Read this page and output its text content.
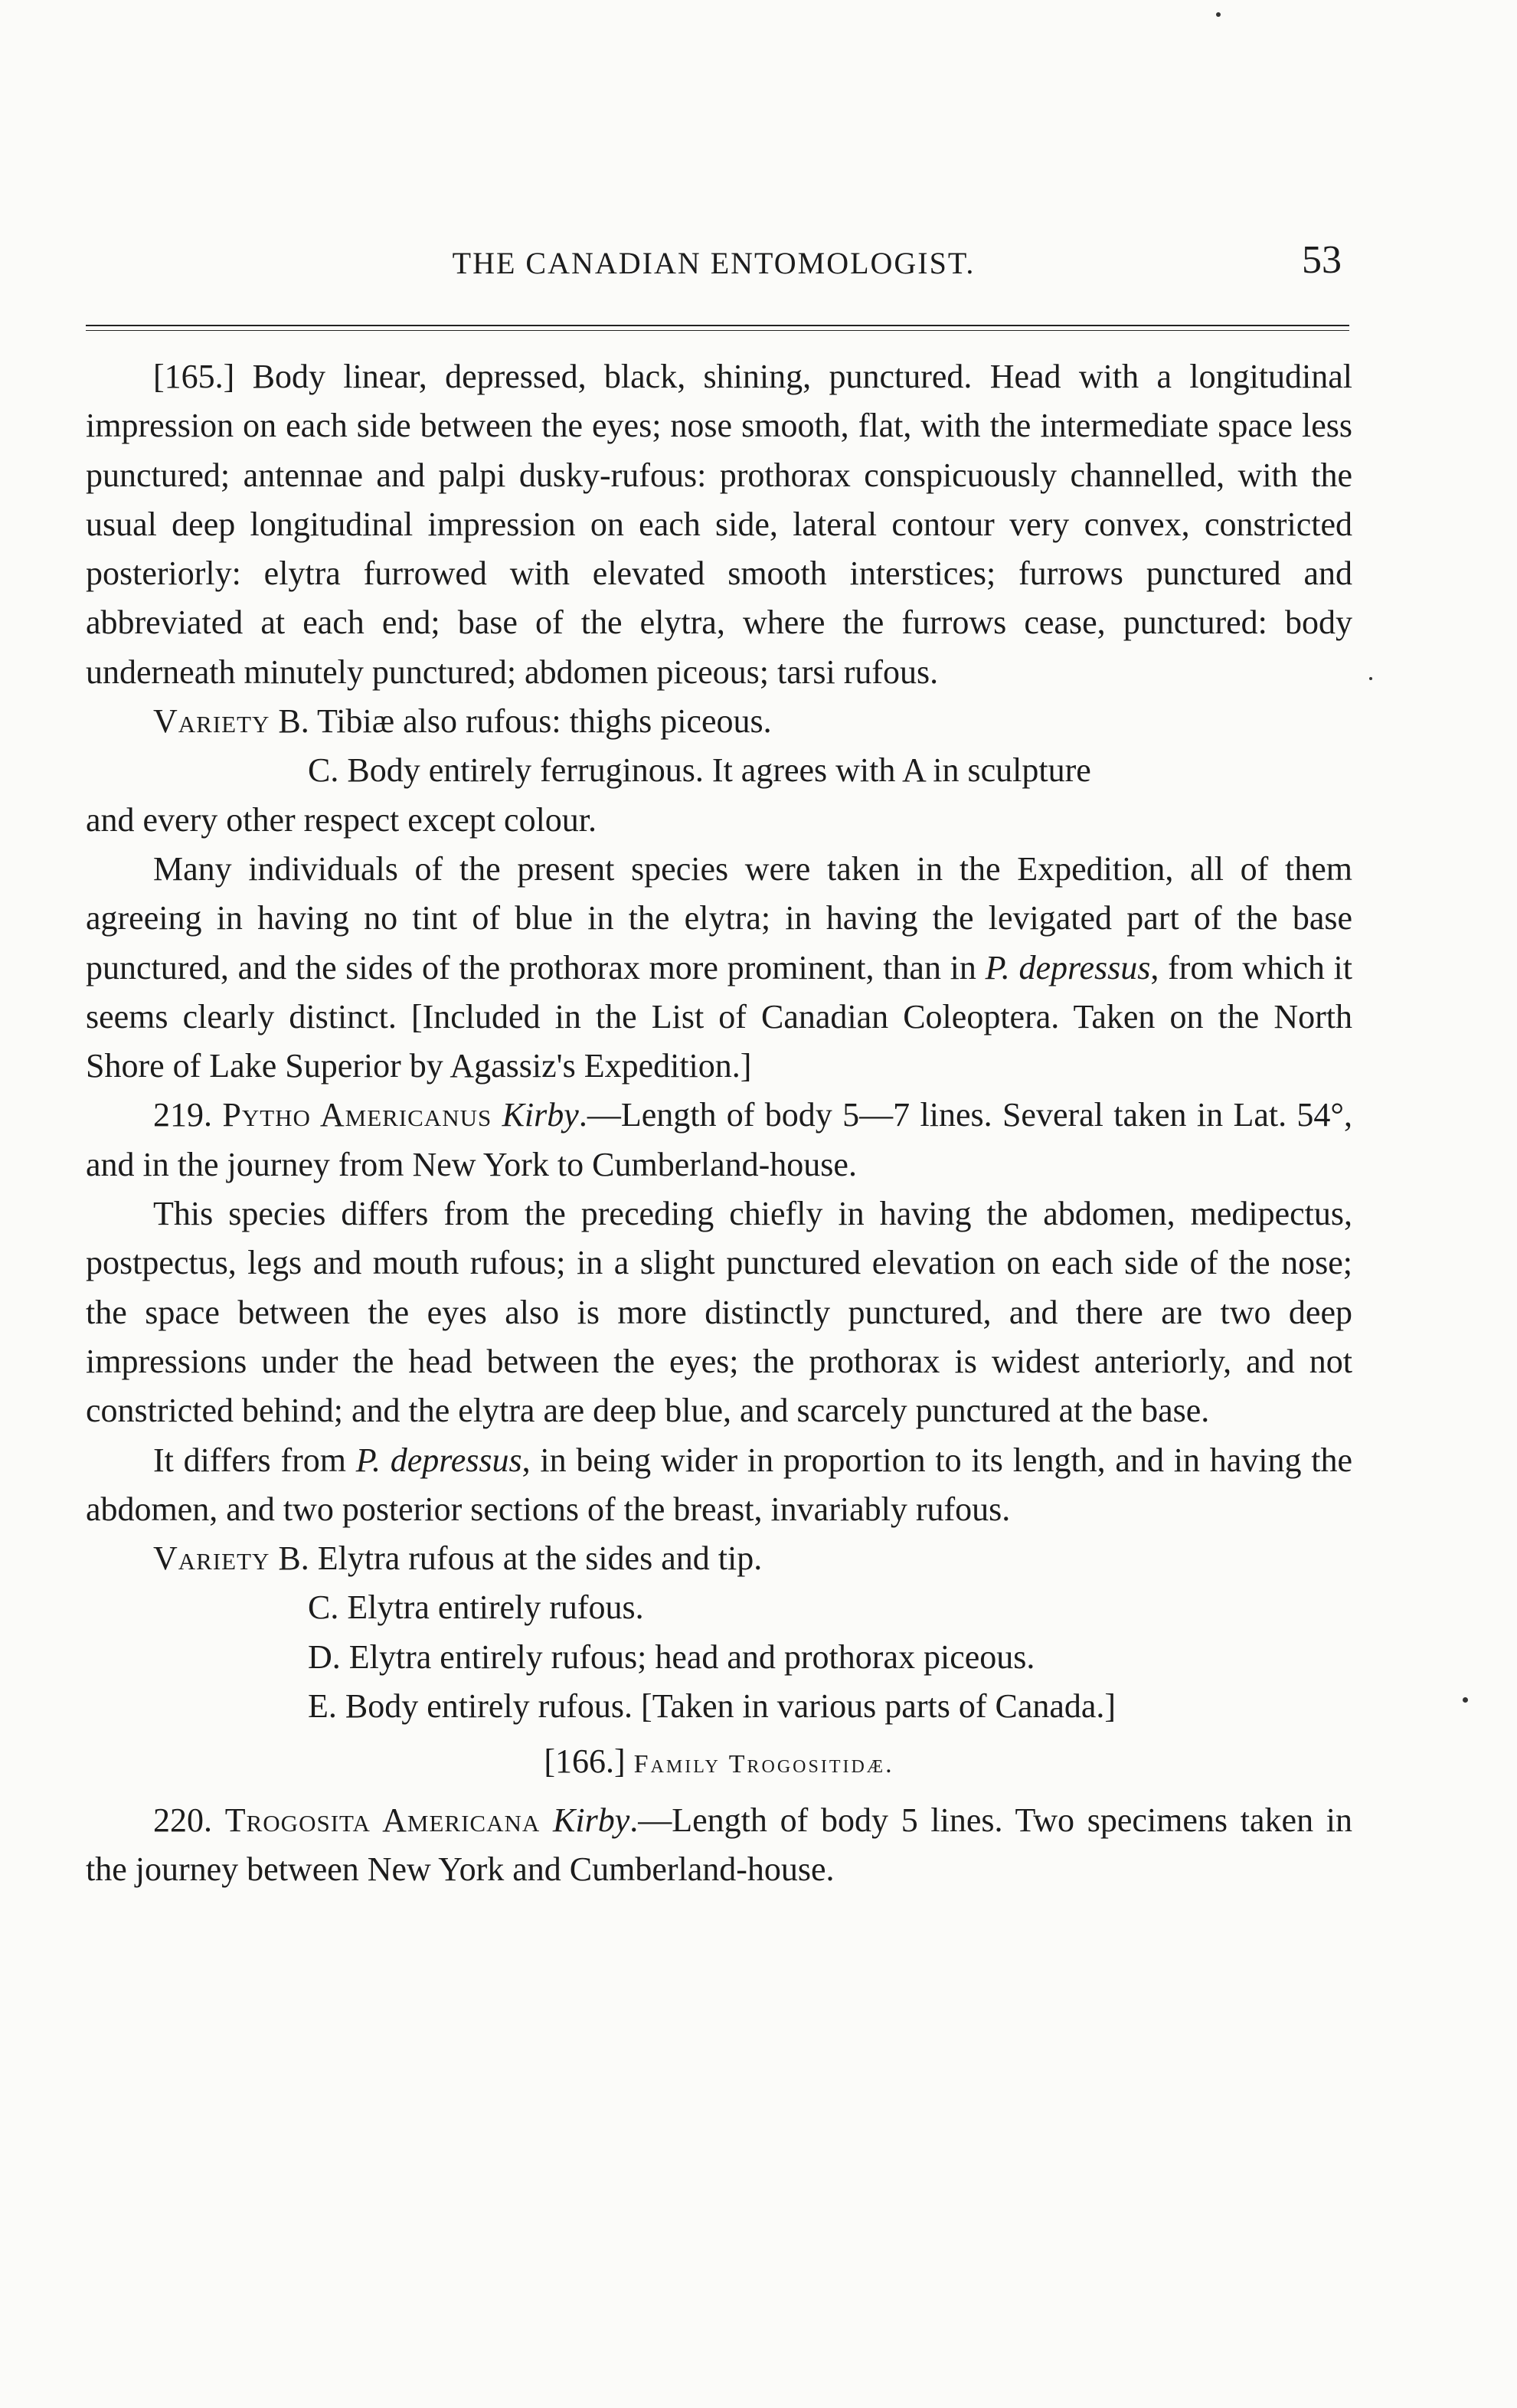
THE CANADIAN ENTOMOLOGIST.	53

[165.] Body linear, depressed, black, shining, punctured. Head with a longitudinal impression on each side between the eyes; nose smooth, flat, with the intermediate space less punctured; antennae and palpi dusky-rufous: prothorax conspicuously channelled, with the usual deep longitudinal impression on each side, lateral contour very convex, constricted posteriorly: elytra furrowed with elevated smooth interstices; furrows punctured and abbreviated at each end; base of the elytra, where the furrows cease, punctured: body underneath minutely punctured; abdomen piceous; tarsi rufous.

Variety B. Tibiæ also rufous: thighs piceous.

C. Body entirely ferruginous. It agrees with A in sculpture

and every other respect except colour.

Many individuals of the present species were taken in the Expedition, all of them agreeing in having no tint of blue in the elytra; in having the levigated part of the base punctured, and the sides of the prothorax more prominent, than in P. depressus, from which it seems clearly distinct. [Included in the List of Canadian Coleoptera. Taken on the North Shore of Lake Superior by Agassiz's Expedition.]

219. Pytho Americanus Kirby.—Length of body 5—7 lines. Several taken in Lat. 54°, and in the journey from New York to Cumberland-house.

This species differs from the preceding chiefly in having the abdomen, medipectus, postpectus, legs and mouth rufous; in a slight punctured elevation on each side of the nose; the space between the eyes also is more distinctly punctured, and there are two deep impressions under the head between the eyes; the prothorax is widest anteriorly, and not constricted behind; and the elytra are deep blue, and scarcely punctured at the base.

It differs from P. depressus, in being wider in proportion to its length, and in having the abdomen, and two posterior sections of the breast, invariably rufous.

Variety B. Elytra rufous at the sides and tip.

C. Elytra entirely rufous.

D. Elytra entirely rufous; head and prothorax piceous.

E. Body entirely rufous. [Taken in various parts of Canada.]

[166.] Family Trogositidæ.

220. Trogosita Americana Kirby.—Length of body 5 lines. Two specimens taken in the journey between New York and Cumberland-house.
